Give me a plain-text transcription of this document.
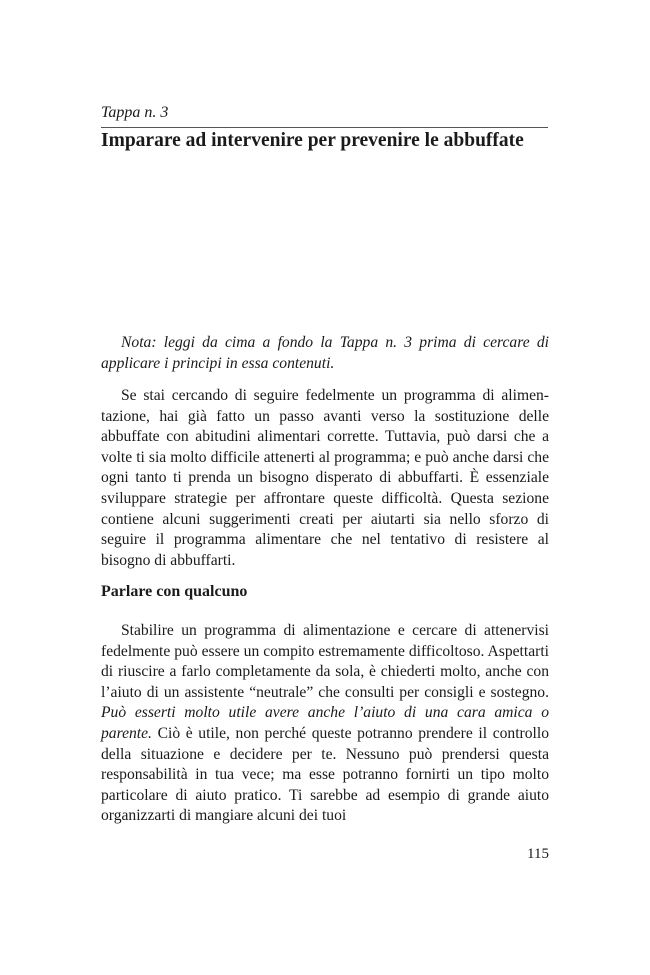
Tappa n. 3

Imparare ad intervenire per prevenire le abbuffate

Nota: leggi da cima a fondo la Tappa n. 3 prima di cercare di applicare i principi in essa contenuti.

Se stai cercando di seguire fedelmente un programma di alimentazione, hai già fatto un passo avanti verso la sostituzione delle abbuffate con abitudini alimentari corrette. Tuttavia, può darsi che a volte ti sia molto difficile attenerti al programma; e può anche darsi che ogni tanto ti prenda un bisogno disperato di abbuffarti. È essenziale sviluppare strategie per affrontare queste difficoltà. Questa sezione contiene alcuni suggerimenti creati per aiutarti sia nello sforzo di seguire il programma alimentare che nel tentativo di resistere al bisogno di abbuffarti.

Parlare con qualcuno

Stabilire un programma di alimentazione e cercare di attenervisi fedelmente può essere un compito estremamente difficoltoso. Aspettarti di riuscire a farlo completamente da sola, è chiederti molto, anche con l’aiuto di un assistente “neutrale” che consulti per consigli e sostegno. Può esserti molto utile avere anche l’aiuto di una cara amica o parente. Ciò è utile, non perché queste potranno prendere il controllo della situazione e decidere per te. Nessuno può prendersi questa responsabilità in tua vece; ma esse potranno fornirti un tipo molto particolare di aiuto pratico. Ti sarebbe ad esempio di grande aiuto organizzarti di mangiare alcuni dei tuoi

115
